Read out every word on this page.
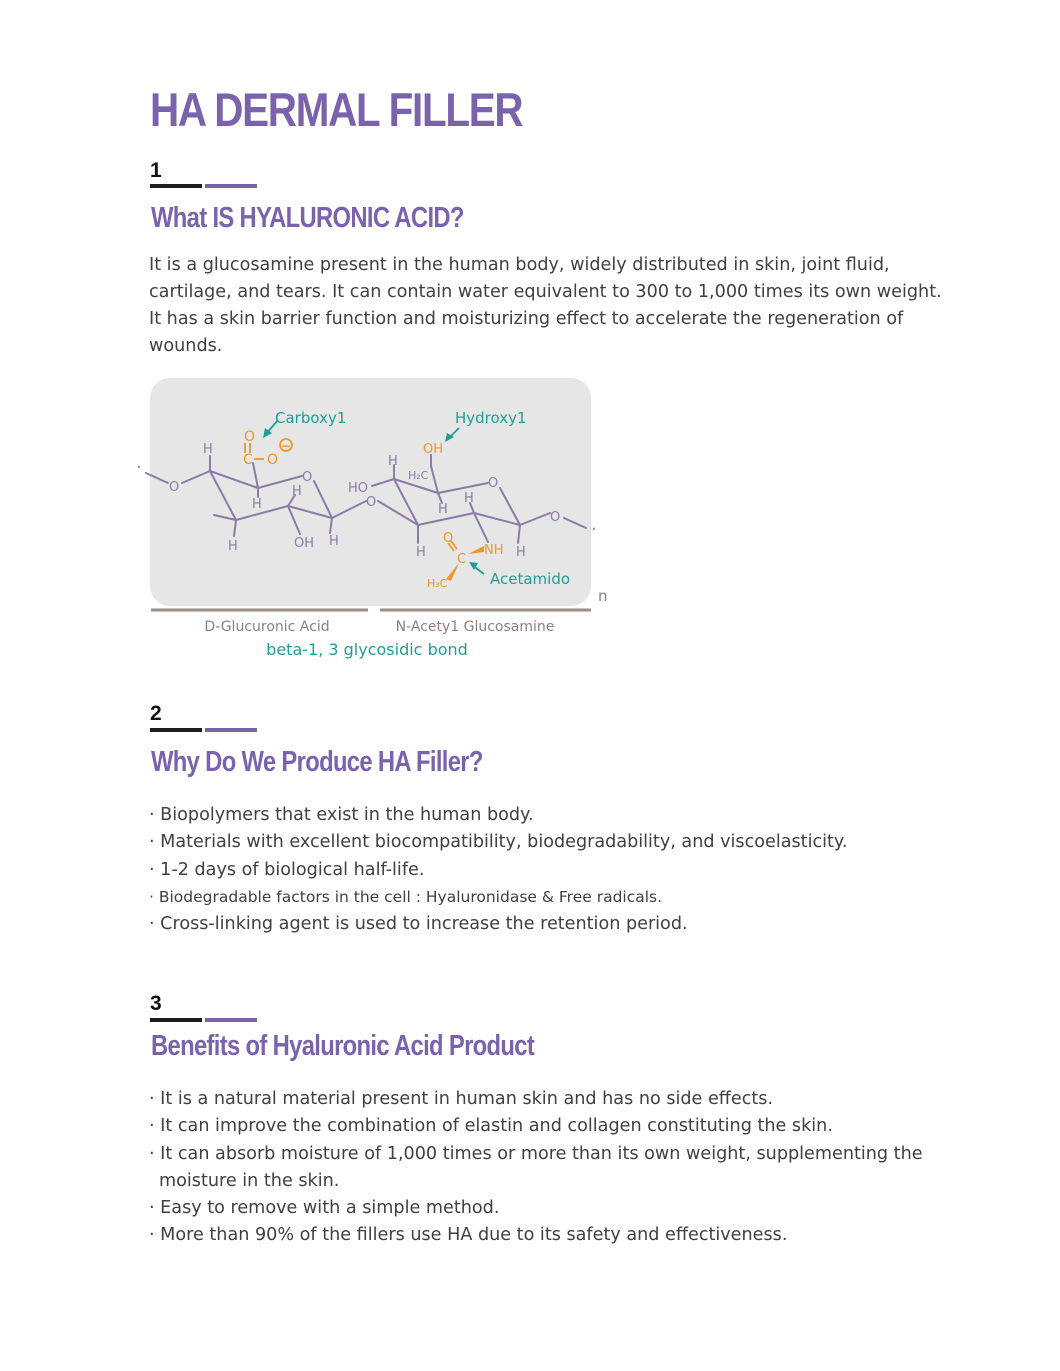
HA DERMAL FILLER
1
What IS HYALURONIC ACID?

It is a glucosamine present in the human body, widely distributed in skin, joint fluid, cartilage, and tears. It can contain water equivalent to 300 to 1,000 times its own weight. It has a skin barrier function and moisturizing effect to accelerate the regeneration of wounds.

O
C O
−
O
C
NH
H₃C
OH
·
O
H
H
O
H
H	OH H
O
HO
H
H₂C
O
H
H
H	H
O
·
Carboxy1	Hydroxy1
Acetamido
n
D-Glucuronic Acid	N-Acety1 Glucosamine
beta-1, 3 glycosidic bond
2
Why Do We Produce HA Filler?
· Biopolymers that exist in the human body.
· Materials with excellent biocompatibility, biodegradability, and viscoelasticity.
· 1-2 days of biological half-life.
· Biodegradable factors in the cell : Hyaluronidase & Free radicals.
· Cross-linking agent is used to increase the retention period.
3
Benefits of Hyaluronic Acid Product
· It is a natural material present in human skin and has no side effects.
· It can improve the combination of elastin and collagen constituting the skin.
· It can absorb moisture of 1,000 times or more than its own weight, supplementing the
moisture in the skin.
· Easy to remove with a simple method.
· More than 90% of the fillers use HA due to its safety and effectiveness.
